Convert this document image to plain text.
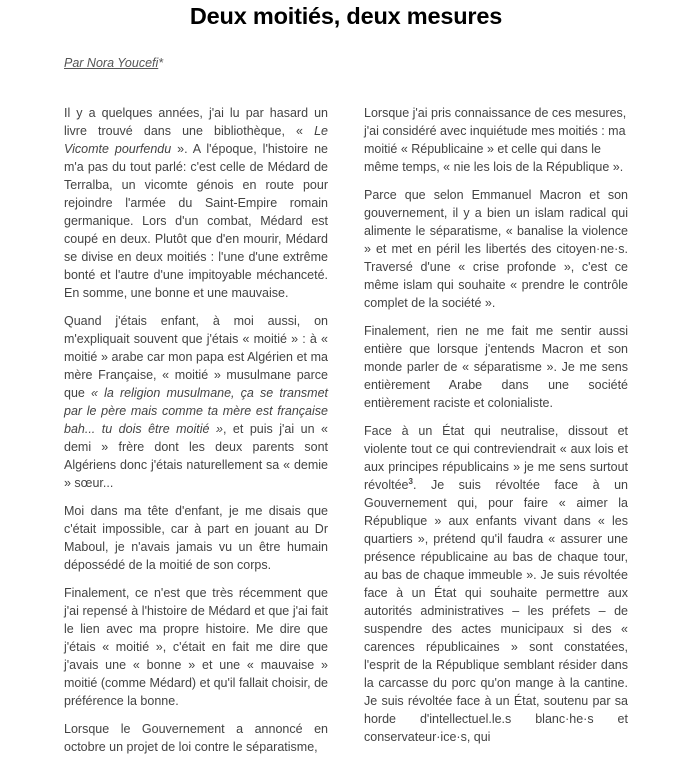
Deux moitiés, deux mesures
Par Nora Youcefi*

Il y a quelques années, j'ai lu par hasard un livre trouvé dans une bibliothèque, « Le Vicomte pourfendu ». A l'époque, l'histoire ne m'a pas du tout parlé: c'est celle de Médard de Terralba, un vicomte génois en route pour rejoindre l'armée du Saint-Empire romain germanique. Lors d'un combat, Médard est coupé en deux. Plutôt que d'en mourir, Médard se divise en deux moitiés : l'une d'une extrême bonté et l'autre d'une impitoyable méchanceté. En somme, une bonne et une mauvaise.

Quand j'étais enfant, à moi aussi, on m'expliquait souvent que j'étais « moitié » : à « moitié » arabe car mon papa est Algérien et ma mère Française, « moitié » musulmane parce que « la religion musulmane, ça se transmet par le père mais comme ta mère est française bah... tu dois être moitié », et puis j'ai un « demi » frère dont les deux parents sont Algériens donc j'étais naturellement sa « demie » sœur...

Moi dans ma tête d'enfant, je me disais que c'était impossible, car à part en jouant au Dr Maboul, je n'avais jamais vu un être humain dépossédé de la moitié de son corps.

Finalement, ce n'est que très récemment que j'ai repensé à l'histoire de Médard et que j'ai fait le lien avec ma propre histoire. Me dire que j'étais « moitié », c'était en fait me dire que j'avais une « bonne » et une « mauvaise » moitié (comme Médard) et qu'il fallait choisir, de préférence la bonne.

Lorsque le Gouvernement a annoncé en octobre un projet de loi contre le séparatisme,

Lorsque j'ai pris connaissance de ces mesures, j'ai considéré avec inquiétude mes moitiés : ma moitié « Républicaine » et celle qui dans le même temps, « nie les lois de la République ».

Parce que selon Emmanuel Macron et son gouvernement, il y a bien un islam radical qui alimente le séparatisme, « banalise la violence » et met en péril les libertés des citoyen·ne·s. Traversé d'une « crise profonde », c'est ce même islam qui souhaite « prendre le contrôle complet de la société ».

Finalement, rien ne me fait me sentir aussi entière que lorsque j'entends Macron et son monde parler de « séparatisme ». Je me sens entièrement Arabe dans une société entièrement raciste et colonialiste.

Face à un État qui neutralise, dissout et violente tout ce qui contreviendrait « aux lois et aux principes républicains » je me sens surtout révoltée$^3$. Je suis révoltée face à un Gouvernement qui, pour faire « aimer la République » aux enfants vivant dans « les quartiers », prétend qu'il faudra « assurer une présence républicaine au bas de chaque tour, au bas de chaque immeuble ». Je suis révoltée face à un État qui souhaite permettre aux autorités administratives – les préfets – de suspendre des actes municipaux si des « carences républicaines » sont constatées, l'esprit de la République semblant résider dans la carcasse du porc qu'on mange à la cantine. Je suis révoltée face à un État, soutenu par sa horde d'intellectuel.le.s blanc·he·s et conservateur·ice·s, qui
